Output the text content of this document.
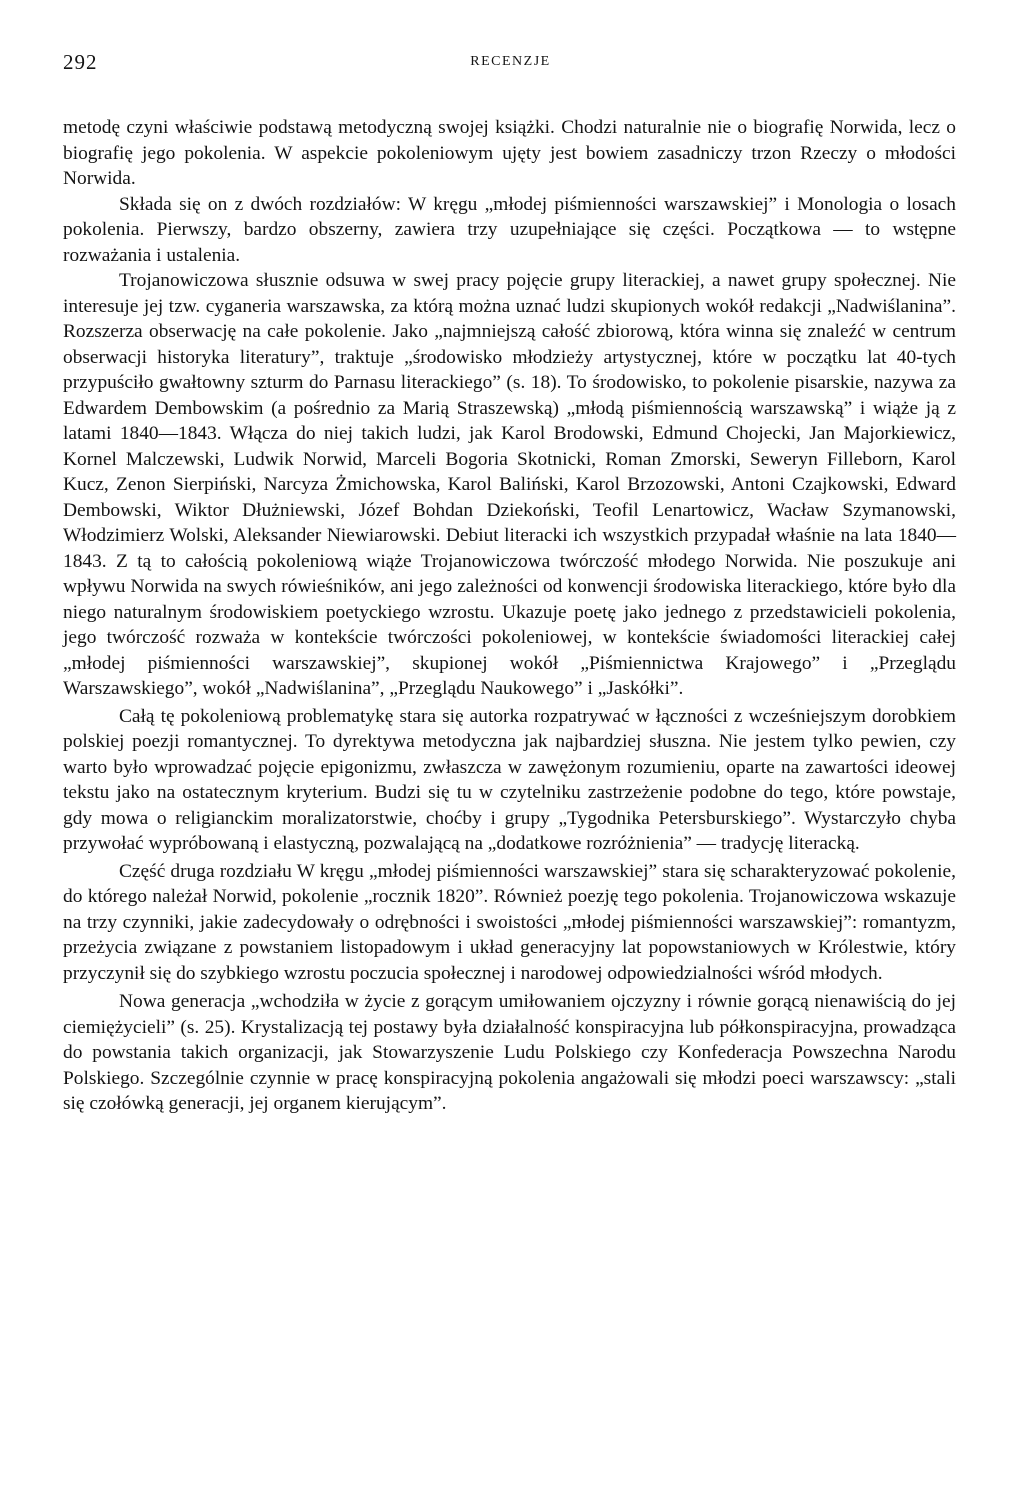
292	RECENZJE

metodę czyni właściwie podstawą metodyczną swojej książki. Chodzi naturalnie nie o biografię Norwida, lecz o biografię jego pokolenia. W aspekcie pokoleniowym ujęty jest bowiem zasadniczy trzon Rzeczy o młodości Norwida.

Składa się on z dwóch rozdziałów: W kręgu „młodej piśmienności warszawskiej” i Monologia o losach pokolenia. Pierwszy, bardzo obszerny, zawiera trzy uzupełniające się części. Początkowa — to wstępne rozważania i ustalenia.

Trojanowiczowa słusznie odsuwa w swej pracy pojęcie grupy literackiej, a nawet grupy społecznej. Nie interesuje jej tzw. cyganeria warszawska, za którą można uznać ludzi skupionych wokół redakcji „Nadwiślanina”. Rozszerza obserwację na całe pokolenie. Jako „najmniejszą całość zbiorową, która winna się znaleźć w centrum obserwacji historyka literatury”, traktuje „środowisko młodzieży artystycznej, które w początku lat 40-tych przypuściło gwałtowny szturm do Parnasu literackiego” (s. 18). To środowisko, to pokolenie pisarskie, nazywa za Edwardem Dembowskim (a pośrednio za Marią Straszewską) „młodą piśmiennością warszawską” i wiąże ją z latami 1840—1843. Włącza do niej takich ludzi, jak Karol Brodowski, Edmund Chojecki, Jan Majorkiewicz, Kornel Malczewski, Ludwik Norwid, Marceli Bogoria Skotnicki, Roman Zmorski, Seweryn Filleborn, Karol Kucz, Zenon Sierpiński, Narcyza Żmichowska, Karol Baliński, Karol Brzozowski, Antoni Czajkowski, Edward Dembowski, Wiktor Dłużniewski, Józef Bohdan Dziekoński, Teofil Lenartowicz, Wacław Szymanowski, Włodzimierz Wolski, Aleksander Niewiarowski. Debiut literacki ich wszystkich przypadał właśnie na lata 1840—1843. Z tą to całością pokoleniową wiąże Trojanowiczowa twórczość młodego Norwida. Nie poszukuje ani wpływu Norwida na swych rówieśników, ani jego zależności od konwencji środowiska literackiego, które było dla niego naturalnym środowiskiem poetyckiego wzrostu. Ukazuje poetę jako jednego z przedstawicieli pokolenia, jego twórczość rozważa w kontekście twórczości pokoleniowej, w kontekście świadomości literackiej całej „młodej piśmienności warszawskiej”, skupionej wokół „Piśmiennictwa Krajowego” i „Przeglądu Warszawskiego”, wokół „Nadwiślanina”, „Przeglądu Naukowego” i „Jaskółki”.

Całą tę pokoleniową problematykę stara się autorka rozpatrywać w łączności z wcześniejszym dorobkiem polskiej poezji romantycznej. To dyrektywa metodyczna jak najbardziej słuszna. Nie jestem tylko pewien, czy warto było wprowadzać pojęcie epigonizmu, zwłaszcza w zawężonym rozumieniu, oparte na zawartości ideowej tekstu jako na ostatecznym kryterium. Budzi się tu w czytelniku zastrzeżenie podobne do tego, które powstaje, gdy mowa o religianckim moralizatorstwie, choćby i grupy „Tygodnika Petersburskiego”. Wystarczyło chyba przywołać wypróbowaną i elastyczną, pozwalającą na „dodatkowe rozróżnienia” — tradycję literacką.

Część druga rozdziału W kręgu „młodej piśmienności warszawskiej” stara się scharakteryzować pokolenie, do którego należał Norwid, pokolenie „rocznik 1820”. Również poezję tego pokolenia. Trojanowiczowa wskazuje na trzy czynniki, jakie zadecydowały o odrębności i swoistości „młodej piśmienności warszawskiej”: romantyzm, przeżycia związane z powstaniem listopadowym i układ generacyjny lat popowstaniowych w Królestwie, który przyczynił się do szybkiego wzrostu poczucia społecznej i narodowej odpowiedzialności wśród młodych.

Nowa generacja „wchodziła w życie z gorącym umiłowaniem ojczyzny i równie gorącą nienawiścią do jej ciemiężycieli” (s. 25). Krystalizacją tej postawy była działalność konspiracyjna lub półkonspiracyjna, prowadząca do powstania takich organizacji, jak Stowarzyszenie Ludu Polskiego czy Konfederacja Powszechna Narodu Polskiego. Szczególnie czynnie w pracę konspiracyjną pokolenia angażowali się młodzi poeci warszawscy: „stali się czołówką generacji, jej organem kierującym”.
